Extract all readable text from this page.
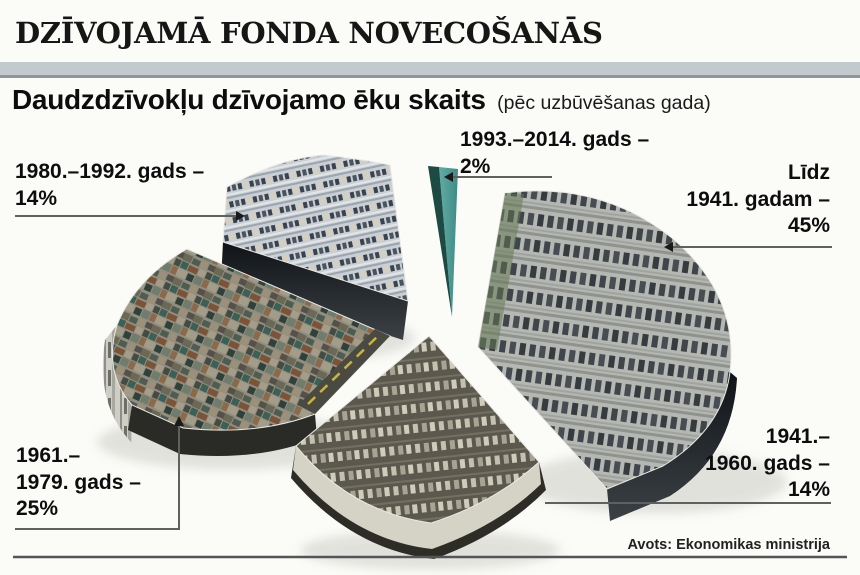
DZĪVOJAMĀ FONDA NOVECOŠANĀS
Daudzdzīvokļu dzīvojamo ēku skaits (pēc uzbūvēšanas gada)
1980.–1992. gads –
14%
1993.–2014. gads –
2%	Līdz
1941. gadam –
45%
1961.–
1979. gads –
25%
1941.–
1960. gads –
14%
Avots: Ekonomikas ministrija
